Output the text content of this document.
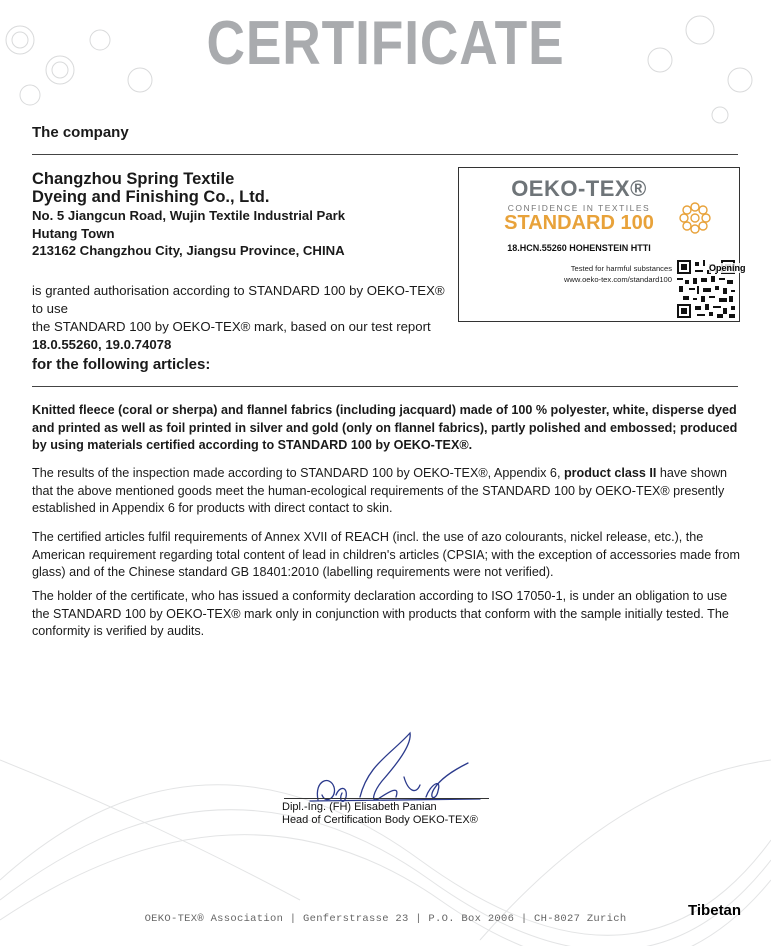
CERTIFICATE
The company
Changzhou Spring Textile
Dyeing and Finishing Co., Ltd.
No. 5 Jiangcun Road, Wujin Textile Industrial Park
Hutang Town
213162 Changzhou City, Jiangsu Province, CHINA
is granted authorisation according to STANDARD 100 by OEKO-TEX® to use
the STANDARD 100 by OEKO-TEX® mark, based on our test report
18.0.55260, 19.0.74078
OEKO-TEX®
CONFIDENCE IN TEXTILES
STANDARD 100
18.HCN.55260 HOHENSTEIN HTTI
Tested for harmful substances
www.oeko-tex.com/standard100
Opening
for the following articles:
Knitted fleece (coral or sherpa) and flannel fabrics (including jacquard) made of 100 % polyester, white, disperse dyed and printed as well as foil printed in silver and gold (only on flannel fabrics), partly polished and embossed; produced by using materials certified according to STANDARD 100 by OEKO-TEX®.
The results of the inspection made according to STANDARD 100 by OEKO-TEX®, Appendix 6, product class II have shown that the above mentioned goods meet the human-ecological requirements of the STANDARD 100 by OEKO-TEX® presently established in Appendix 6 for products with direct contact to skin.
The certified articles fulfil requirements of Annex XVII of REACH (incl. the use of azo colourants, nickel release, etc.), the American requirement regarding total content of lead in children's articles (CPSIA; with the exception of accessories made from glass) and of the Chinese standard GB 18401:2010 (labelling requirements were not verified).
The holder of the certificate, who has issued a conformity declaration according to ISO 17050-1, is under an obligation to use the STANDARD 100 by OEKO-TEX® mark only in conjunction with products that conform with the sample initially tested. The conformity is verified by audits.
Dipl.-Ing. (FH) Elisabeth Panian
Head of Certification Body OEKO-TEX®
OEKO-TEX® Association | Genferstrasse 23 | P.O. Box 2006 | CH-8027 Zurich	Tibetan
